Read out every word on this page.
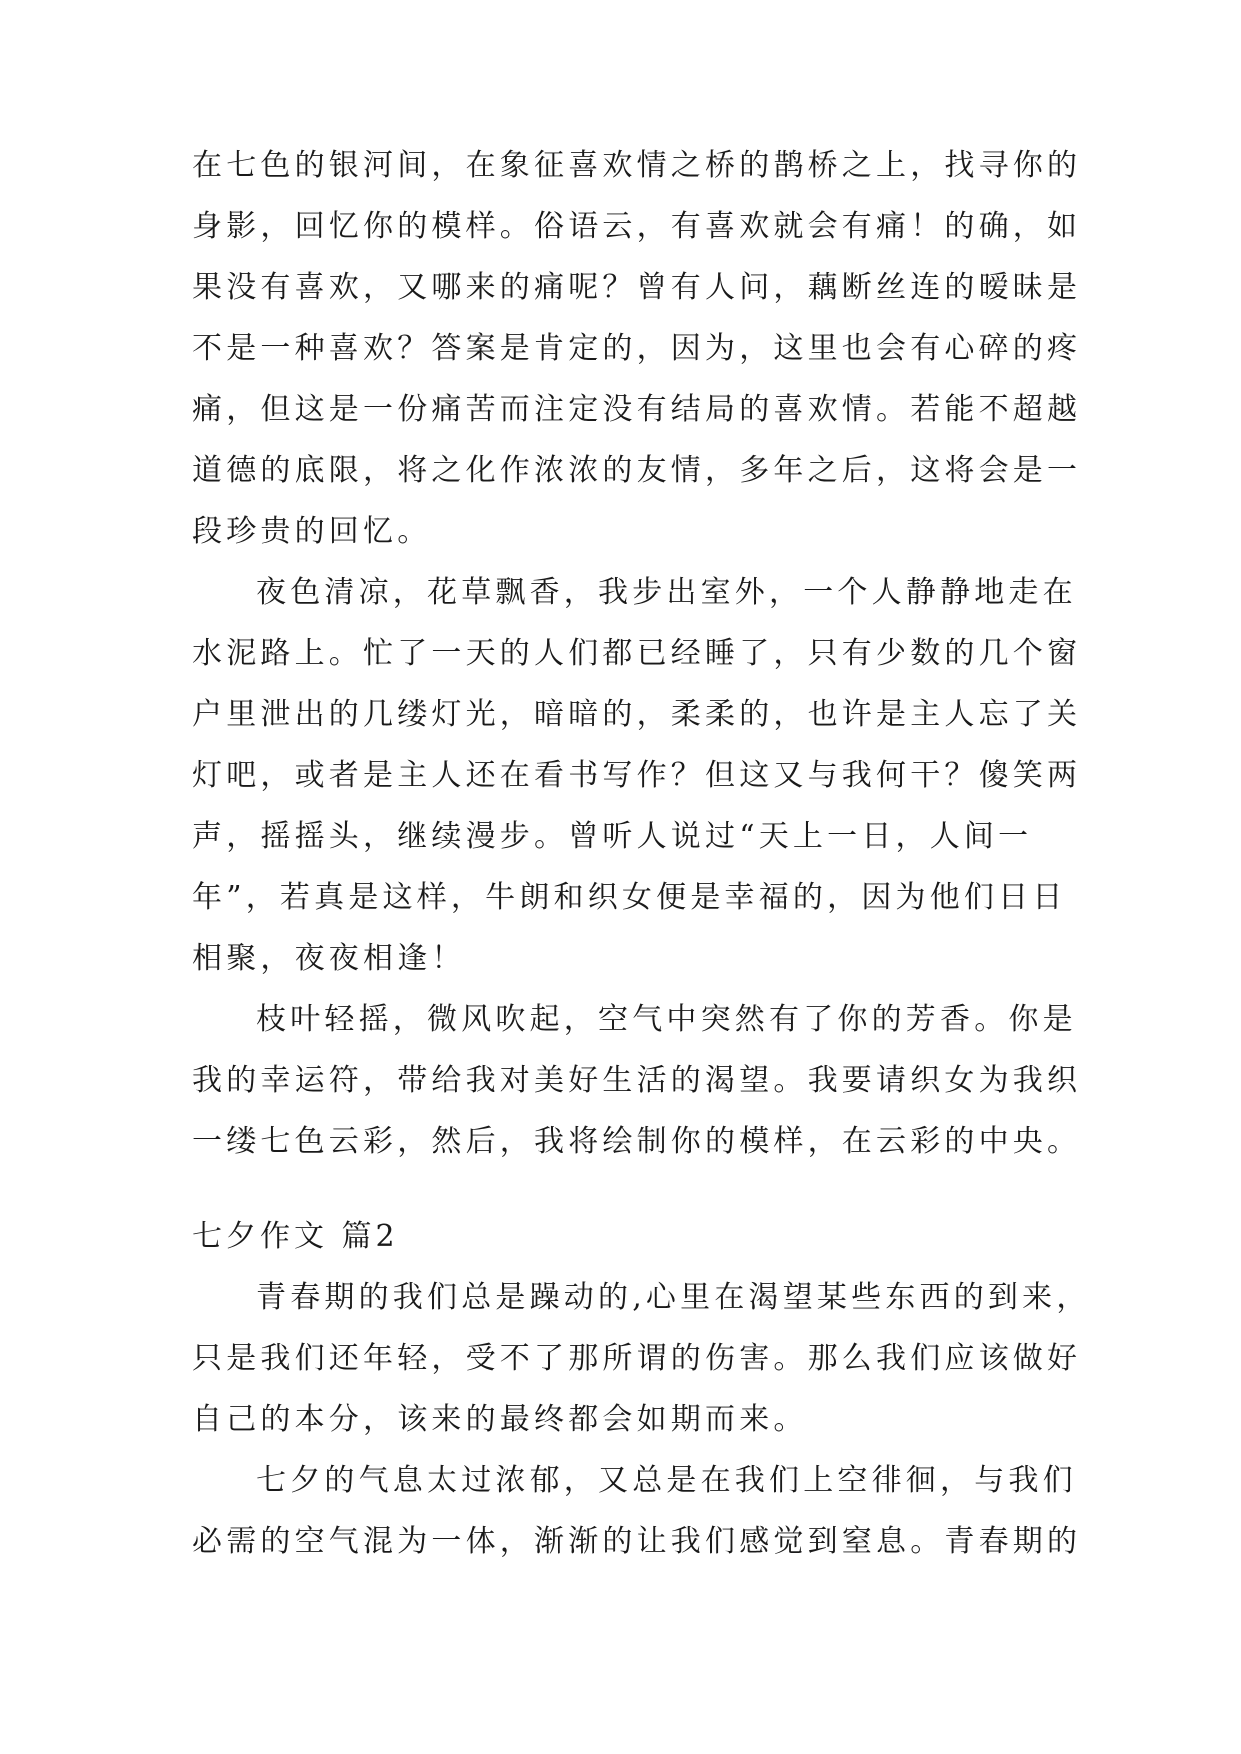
在七色的银河间，在象征喜欢情之桥的鹊桥之上，找寻你的
身影，回忆你的模样。俗语云，有喜欢就会有痛！的确，如
果没有喜欢，又哪来的痛呢？曾有人问，藕断丝连的暧昧是
不是一种喜欢？答案是肯定的，因为，这里也会有心碎的疼
痛，但这是一份痛苦而注定没有结局的喜欢情。若能不超越
道德的底限，将之化作浓浓的友情，多年之后，这将会是一
段珍贵的回忆。
夜色清凉，花草飘香，我步出室外，一个人静静地走在
水泥路上。忙了一天的人们都已经睡了，只有少数的几个窗
户里泄出的几缕灯光，暗暗的，柔柔的，也许是主人忘了关
灯吧，或者是主人还在看书写作？但这又与我何干？傻笑两
声，摇摇头，继续漫步。曾听人说过“天上一日，人间一
年”，若真是这样，牛朗和织女便是幸福的，因为他们日日
相聚，夜夜相逢！
枝叶轻摇，微风吹起，空气中突然有了你的芳香。你是
我的幸运符，带给我对美好生活的渴望。我要请织女为我织
一缕七色云彩，然后，我将绘制你的模样，在云彩的中央。
七夕作文 篇2
青春期的我们总是躁动的,心里在渴望某些东西的到来，
只是我们还年轻，受不了那所谓的伤害。那么我们应该做好
自己的本分，该来的最终都会如期而来。
七夕的气息太过浓郁，又总是在我们上空徘徊，与我们
必需的空气混为一体，渐渐的让我们感觉到窒息。青春期的
